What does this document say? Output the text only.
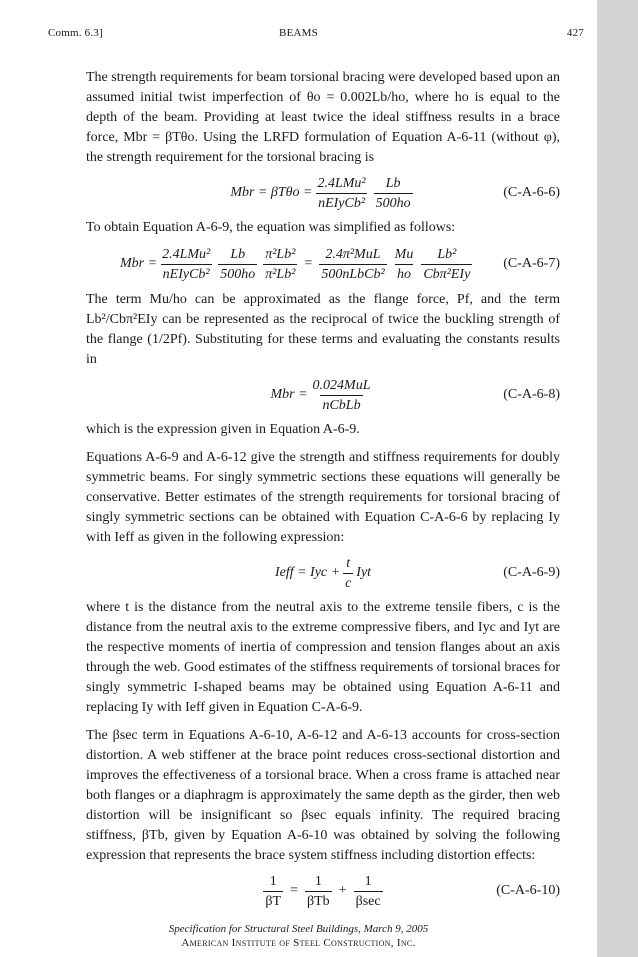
Comm. 6.3]	BEAMS	427

The strength requirements for beam torsional bracing were developed based upon an assumed initial twist imperfection of θo = 0.002Lb/ho, where ho is equal to the depth of the beam. Providing at least twice the ideal stiffness results in a brace force, Mbr = βTθo. Using the LRFD formulation of Equation A-6-11 (without φ), the strength requirement for the torsional bracing is

Mbr = $\beta T\theta o = \frac{\text{2.4LMu²}}{\text{nEIyCb²}} \frac{Lb}{500ho}$	(C-A-6-6)

To obtain Equation A-6-9, the equation was simplified as follows:

Mbr = $\frac{\text{2.4LMu²}}{\text{nEIyCb²}} \frac{Lb}{500ho} \frac{\text{π²Lb²}}{\text{π²Lb²}} = \frac{\text{2.4π²MuL}}{\text{500nLbCb²}} \frac{Mu}{ho} \frac{\text{Lb²}}{\text{Cbπ²EIy}} (C-A-6-7)$

The term Mu/ho can be approximated as the flange force, Pf, and the term Lb²/Cbπ²EIy can be represented as the reciprocal of twice the buckling strength of the flange (1/2Pf). Substituting for these terms and evaluating the constants results in

Mbr = $\frac{\text{0.024MuL}}{\text{nCbLb}}$	(C-A-6-8)

which is the expression given in Equation A-6-9.

Equations A-6-9 and A-6-12 give the strength and stiffness requirements for doubly symmetric beams. For singly symmetric sections these equations will generally be conservative. Better estimates of the strength requirements for torsional bracing of singly symmetric sections can be obtained with Equation C-A-6-6 by replacing Iy with Ieff as given in the following expression:

Ieff = Iyc + $\frac{t}{c}$ Iyt	(C-A-6-9)

where t is the distance from the neutral axis to the extreme tensile fibers, c is the distance from the neutral axis to the extreme compressive fibers, and Iyc and Iyt are the respective moments of inertia of compression and tension flanges about an axis through the web. Good estimates of the stiffness requirements of torsional braces for singly symmetric I-shaped beams may be obtained using Equation A-6-11 and replacing Iy with Ieff given in Equation C-A-6-9.

The βsec term in Equations A-6-10, A-6-12 and A-6-13 accounts for cross-section distortion. A web stiffener at the brace point reduces cross-sectional distortion and improves the effectiveness of a torsional brace. When a cross frame is attached near both flanges or a diaphragm is approximately the same depth as the girder, then web distortion will be insignificant so βsec equals infinity. The required bracing stiffness, βTb, given by Equation A-6-10 was obtained by solving the following expression that represents the brace system stiffness including distortion effects:

$\frac{1}{\beta T} = \frac{1}{\text{βTb}} + \frac{1}{\beta\sec}$	(C-A-6-10)
Specification for Structural Steel Buildings, March 9, 2005
American Institute of Steel Construction, Inc.
